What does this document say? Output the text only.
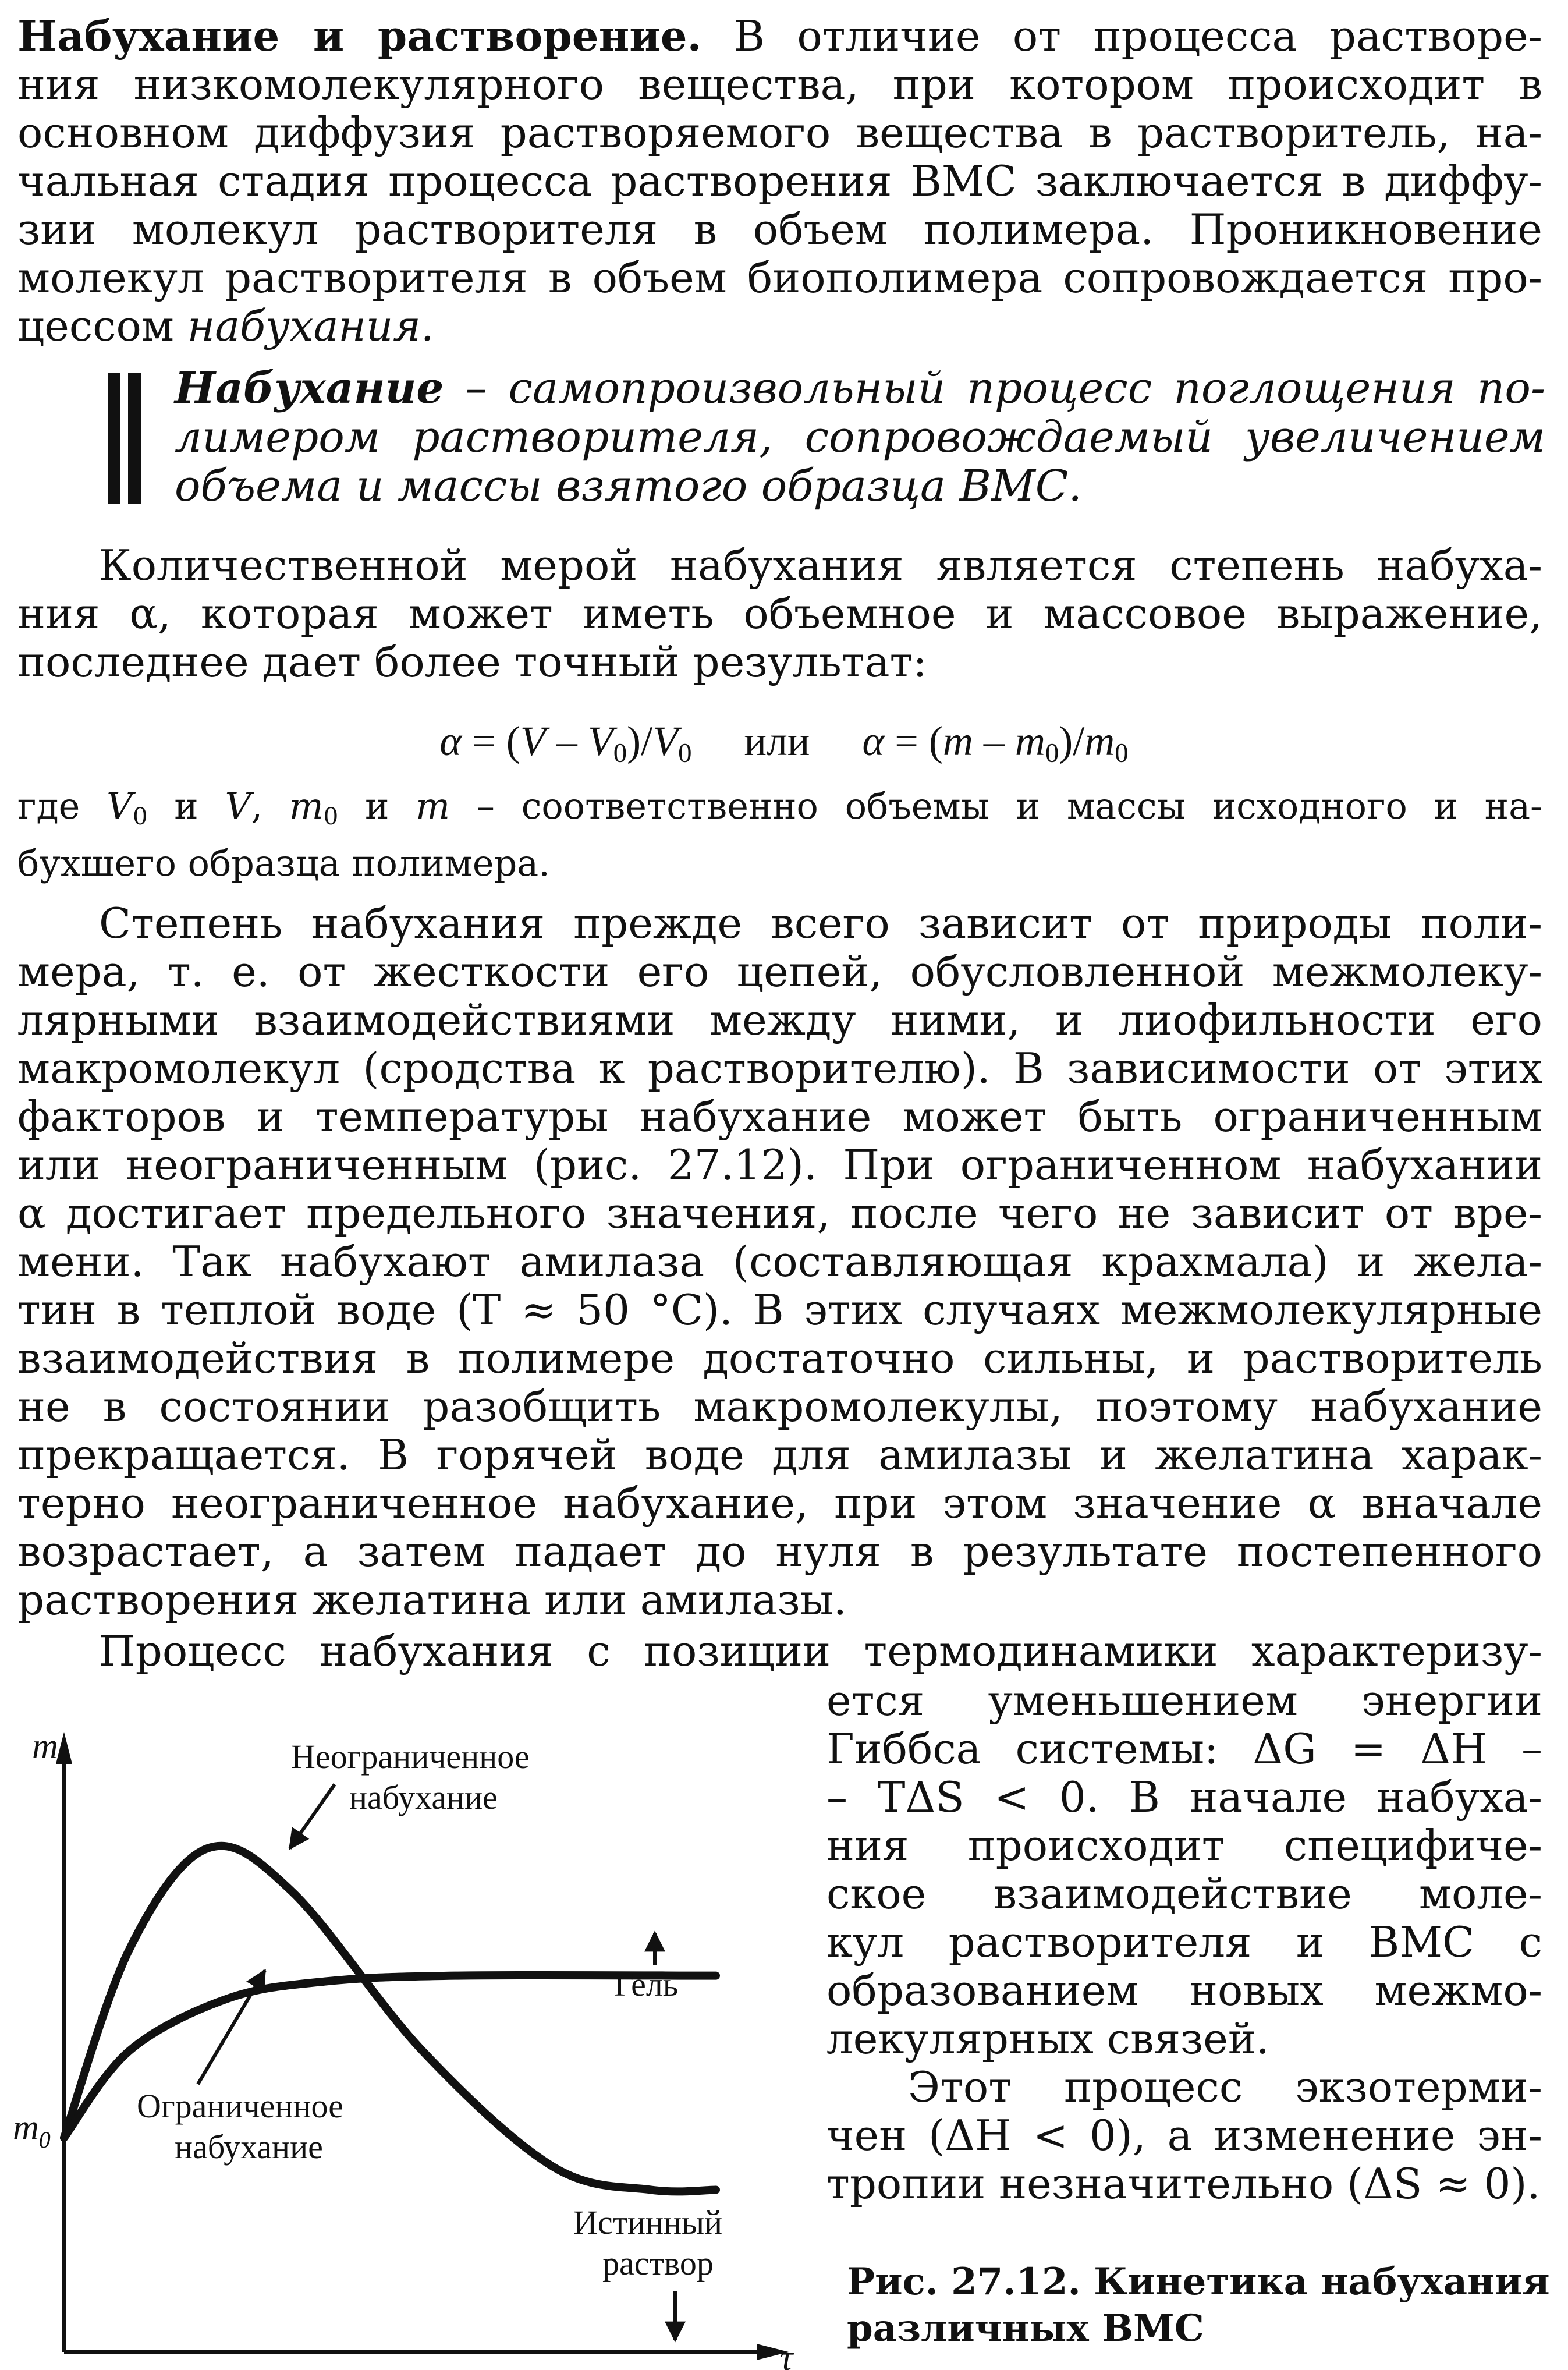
Набухание и растворение. В отличие от процесса растворе-
ния низкомолекулярного вещества, при котором происходит в
основном диффузия растворяемого вещества в растворитель, на-
чальная стадия процесса растворения ВМС заключается в диффу-
зии молекул растворителя в объем полимера. Проникновение
молекул растворителя в объем биополимера сопровождается про-
цессом набухания.
Набухание – самопроизвольный процесс поглощения по-
лимером растворителя, сопровождаемый увеличением
объема и массы взятого образца ВМС.
Количественной мерой набухания является степень набуха-
ния α, которая может иметь объемное и массовое выражение,
последнее дает более точный результат:
$\alpha = (V - V_0)/V_0$     или     $\alpha = (m - m_0)/m_0$
где $V_0$ и V, $m_0$ и m – соответственно объемы и массы исходного и на-
бухшего образца полимера.
Степень набухания прежде всего зависит от природы поли-
мера, т. е. от жесткости его цепей, обусловленной межмолеку-
лярными взаимодействиями между ними, и лиофильности его
макромолекул (сродства к растворителю). В зависимости от этих
факторов и температуры набухание может быть ограниченным
или неограниченным (рис. 27.12). При ограниченном набухании
α достигает предельного значения, после чего не зависит от вре-
мени. Так набухают амилаза (составляющая крахмала) и жела-
тин в теплой воде (T ≈ 50 °C). В этих случаях межмолекулярные
взаимодействия в полимере достаточно сильны, и растворитель
не в состоянии разобщить макромолекулы, поэтому набухание
прекращается. В горячей воде для амилазы и желатина харак-
терно неограниченное набухание, при этом значение α вначале
возрастает, а затем падает до нуля в результате постепенного
растворения желатина или амилазы.
Процесс набухания с позиции термодинамики характеризу-
ется уменьшением энергии
Гиббса системы: ΔG = ΔH –
– TΔS < 0. В начале набуха-
ния происходит специфиче-
ское взаимодействие моле-
кул растворителя и ВМС с
образованием новых межмо-
лекулярных связей.
Этот процесс экзотерми-
чен (ΔH < 0), а изменение эн-
тропии незначительно (ΔS ≈ 0).
Рис. 27.12. Кинетика набухания
различных ВМС
m
τ
$m_0$
Неограниченное
набухание
Гель
Ограниченное
набухание
Истинный
раствор
